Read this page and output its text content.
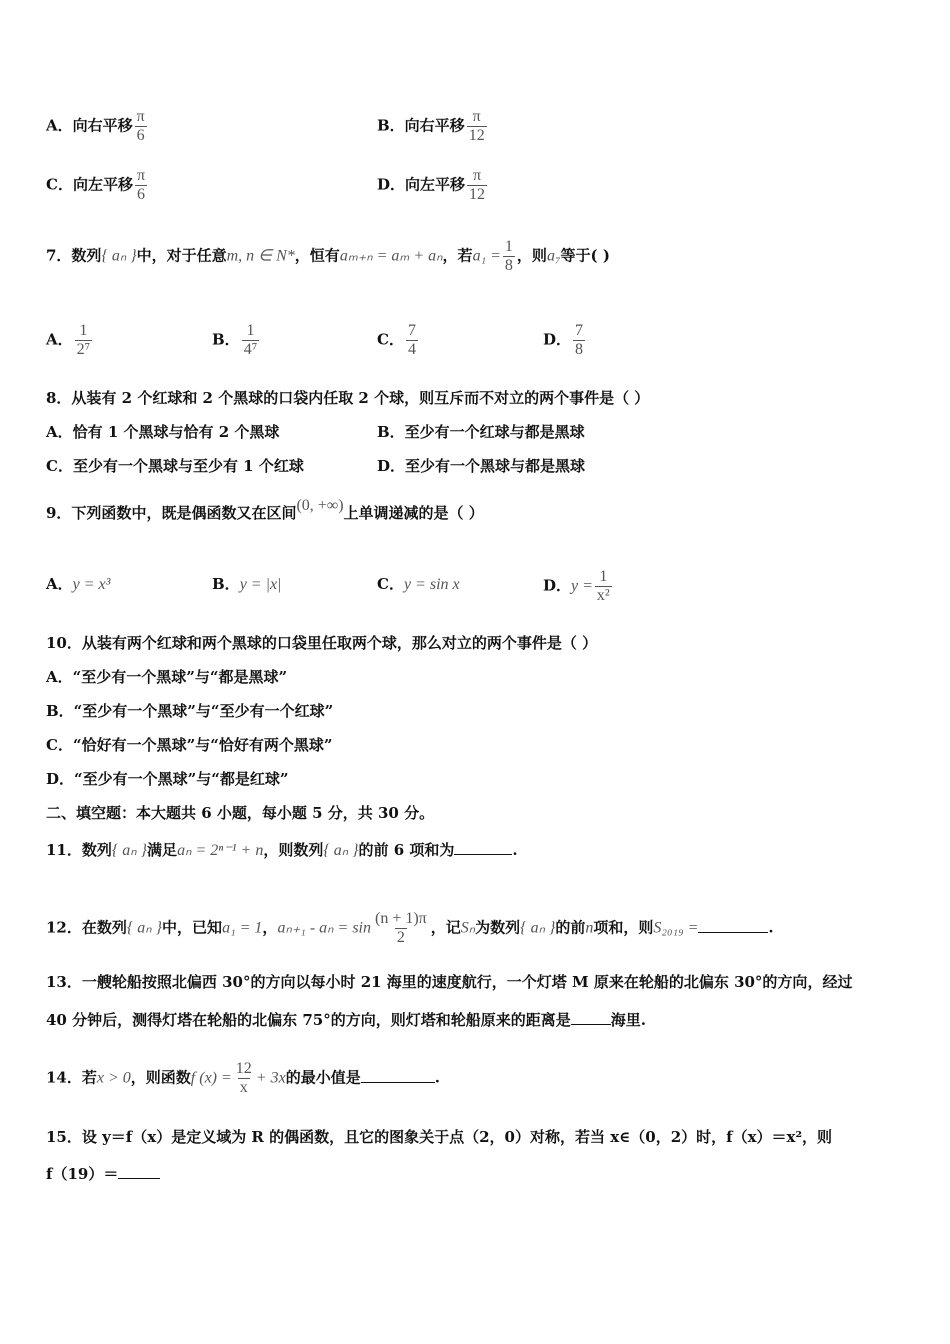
A．向右平移 $\frac{\pi}{6}$	B．向右平移 $\frac{\pi}{12}$
C．向左平移 $\frac{\pi}{6}$	D．向左平移 $\frac{\pi}{12}$
7．数列{ aₙ }中，对于任意m, n ∈ N*，恒有aₘ₊ₙ = aₘ + aₙ，若$a_1 = \frac{1}{8}$ ，则a₇等于( )
A． $\frac{1}{\text{2⁷}}$	B． $\frac{1}{\text{4⁷}}$	C． $\frac{7}{4}$	D． $\frac{7}{8}$
8．从装有 2 个红球和 2 个黑球的口袋内任取 2 个球，则互斥而不对立的两个事件是（ ）
A．恰有 1 个黑球与恰有 2 个黑球	B．至少有一个红球与都是黑球
C．至少有一个黑球与至少有 1 个红球	D．至少有一个黑球与都是黑球
9．下列函数中，既是偶函数又在区间(0, +∞)上单调递减的是（ ）
A．y = x³	B．y = |x|	C．y = sin x	D．$y = \frac{1}{\text{x²}}$
10．从装有两个红球和两个黑球的口袋里任取两个球，那么对立的两个事件是（ ）
A．“至少有一个黑球”与“都是黑球”
B．“至少有一个黑球”与“至少有一个红球”
C．“恰好有一个黑球”与“恰好有两个黑球”
D．“至少有一个黑球”与“都是红球”
二、填空题：本大题共 6 小题，每小题 5 分，共 30 分。
11．数列{ aₙ }满足aₙ = 2ⁿ⁻¹ + n，则数列{ aₙ }的前 6 项和为	.
12．在数列{ aₙ }中，已知a₁ = 1，$a_{n+1} - a_n = \sin \frac{(n + 1)\pi}{2}$ ，记Sₙ为数列{ aₙ }的前n项和，则S₂₀₁₉ =	.
13．一艘轮船按照北偏西 30°的方向以每小时 21 海里的速度航行，一个灯塔 M 原来在轮船的北偏东 30°的方向，经过
40 分钟后，测得灯塔在轮船的北偏东 75°的方向，则灯塔和轮船原来的距离是	海里.
14．若x > 0，则函数f $(x) = \frac{12}{x} + 3x$的最小值是	.
15．设 y＝f（x）是定义域为 R 的偶函数，且它的图象关于点（2，0）对称，若当 x∈（0，2）时，f（x）＝x²，则
f（19）＝
